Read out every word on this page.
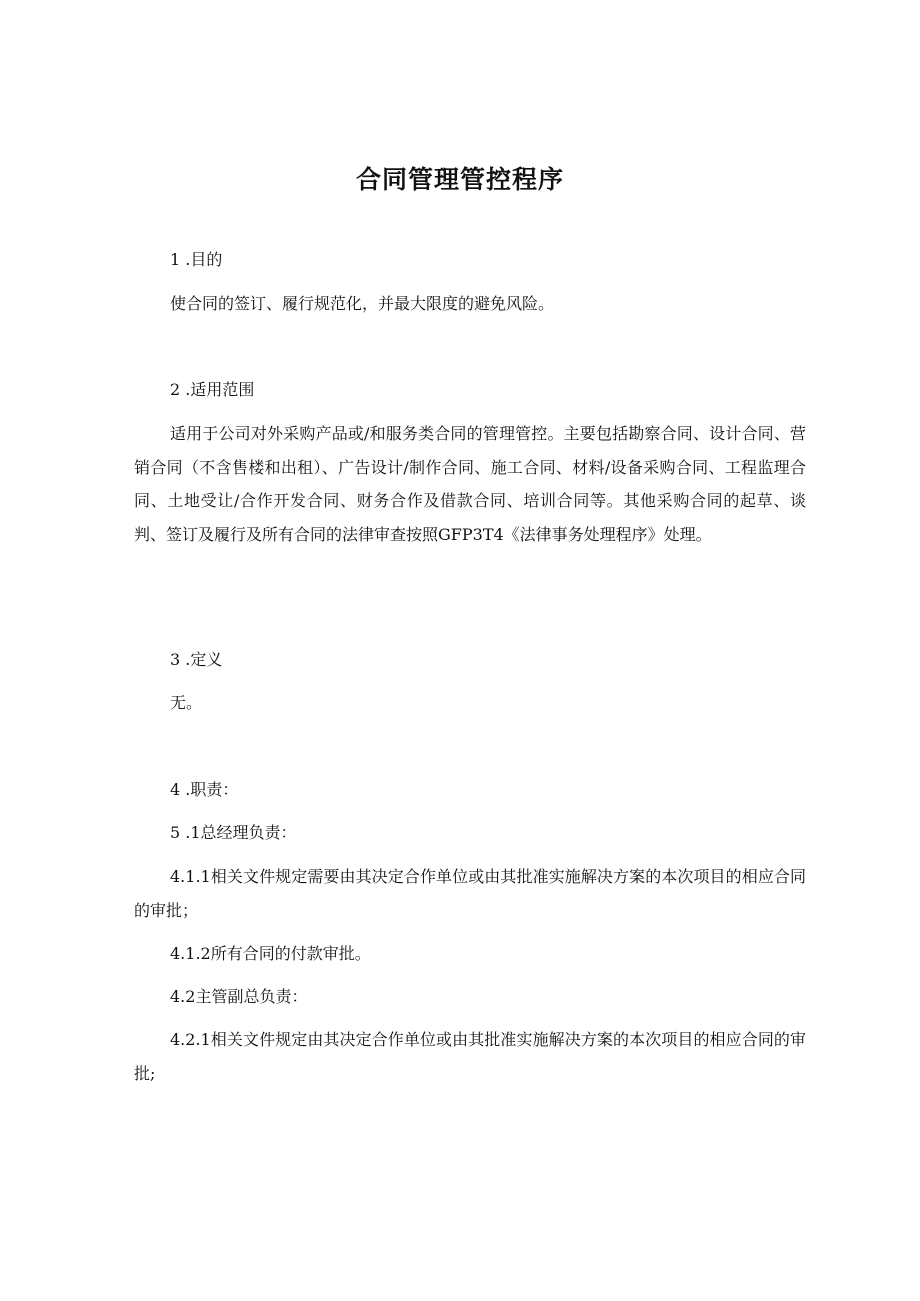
合同管理管控程序

1 .目的

使合同的签订、履行规范化，并最大限度的避免风险。

2 .适用范围

适用于公司对外采购产品或/和服务类合同的管理管控。主要包括勘察合同、设计合同、营销合同（不含售楼和出租）、广告设计/制作合同、施工合同、材料/设备采购合同、工程监理合同、土地受让/合作开发合同、财务合作及借款合同、培训合同等。其他采购合同的起草、谈判、签订及履行及所有合同的法律审查按照GFP3T4《法律事务处理程序》处理。

3 .定义

无。

4 .职责：

5 .1总经理负责：

4.1.1相关文件规定需要由其决定合作单位或由其批准实施解决方案的本次项目的相应合同的审批；

4.1.2所有合同的付款审批。

4.2主管副总负责：

4.2.1相关文件规定由其决定合作单位或由其批准实施解决方案的本次项目的相应合同的审批;
